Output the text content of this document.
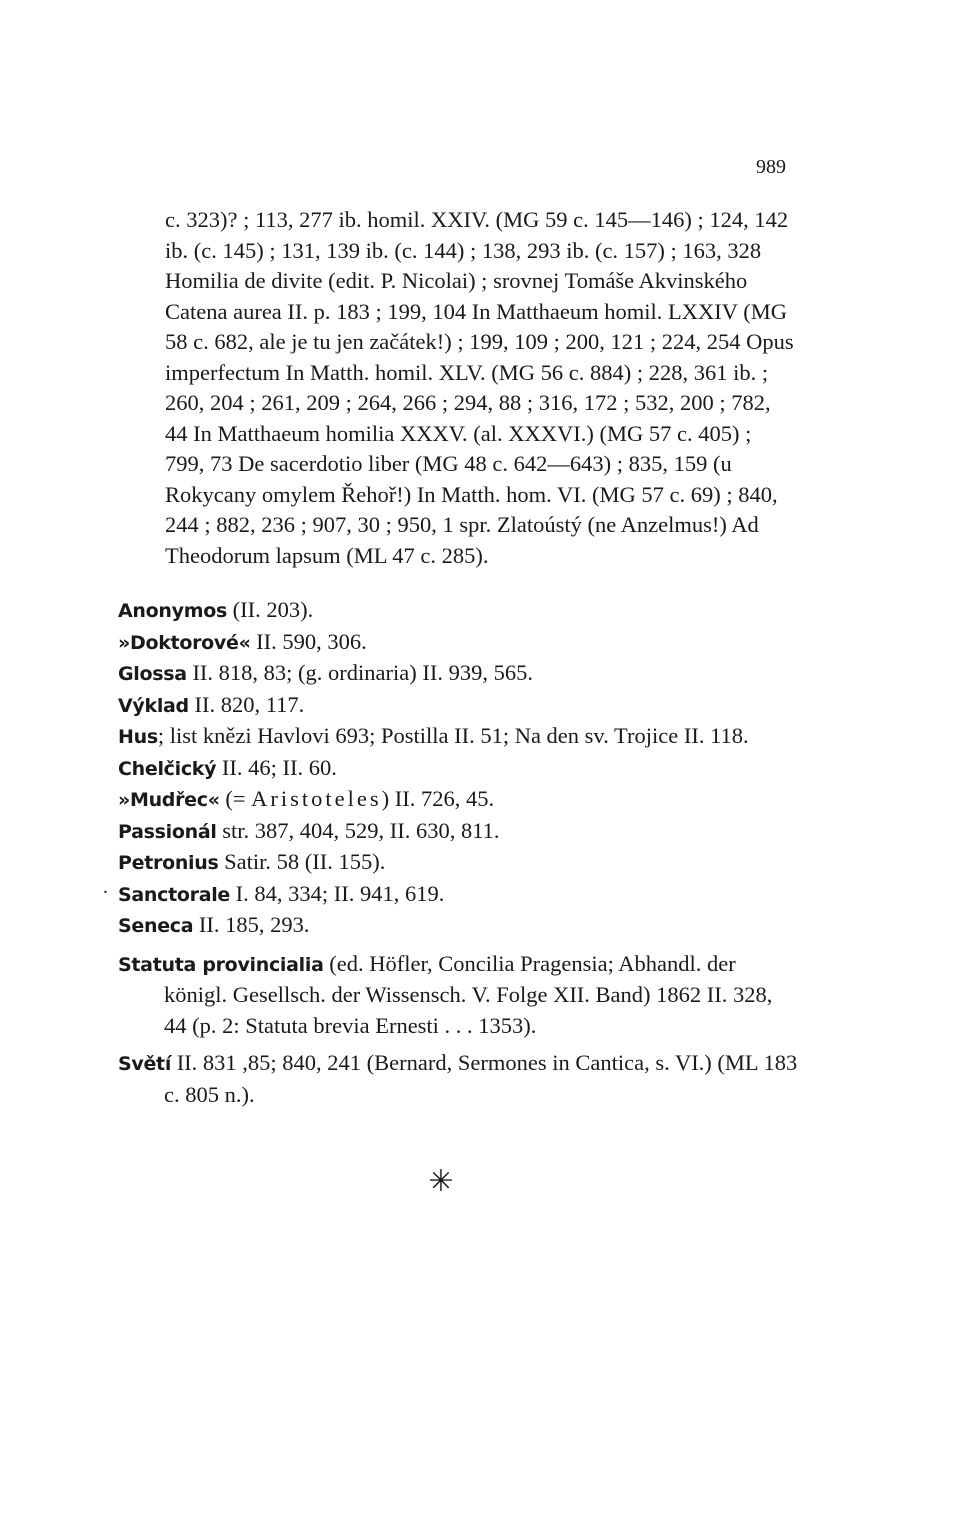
989

c. 323)? ; 113, 277 ib. homil. XXIV. (MG 59 c. 145—146) ; 124, 142 ib. (c. 145) ; 131, 139 ib. (c. 144) ; 138, 293 ib. (c. 157) ; 163, 328 Homilia de divite (edit. P. Nicolai) ; srovnej Tomáše Akvinského Catena aurea II. p. 183 ; 199, 104 In Matthaeum homil. LXXIV (MG 58 c. 682, ale je tu jen začátek!) ; 199, 109 ; 200, 121 ; 224, 254 Opus imperfectum In Matth. homil. XLV. (MG 56 c. 884) ; 228, 361 ib. ; 260, 204 ; 261, 209 ; 264, 266 ; 294, 88 ; 316, 172 ; 532, 200 ; 782, 44 In Matthaeum homilia XXXV. (al. XXXVI.) (MG 57 c. 405) ; 799, 73 De sacerdotio liber (MG 48 c. 642—643) ; 835, 159 (u Rokycany omylem Řehoř!) In Matth. hom. VI. (MG 57 c. 69) ; 840, 244 ; 882, 236 ; 907, 30 ; 950, 1 spr. Zlatoústý (ne Anzelmus!) Ad Theodorum lapsum (ML 47 c. 285).

Anonymos (II. 203).
»Doktorové« II. 590, 306.
Glossa II. 818, 83; (g. ordinaria) II. 939, 565.
Výklad II. 820, 117.
Hus; list knězi Havlovi 693; Postilla II. 51; Na den sv. Trojice II. 118.
Chelčický II. 46; II. 60.
»Mudřec« (= Aristoteles) II. 726, 45.
Passionál str. 387, 404, 529, II. 630, 811.
Petronius Satir. 58 (II. 155).
Sanctorale I. 84, 334; II. 941, 619.
Seneca II. 185, 293.
Statuta provincialia (ed. Höfler, Concilia Pragensia; Abhandl. der königl. Gesellsch. der Wissensch. V. Folge XII. Band) 1862 II. 328, 44 (p. 2: Statuta brevia Ernesti . . . 1353).
Světí II. 831 ,85; 840, 241 (Bernard, Sermones in Cantica, s. VI.) (ML 183 c. 805 n.).
.
✳
